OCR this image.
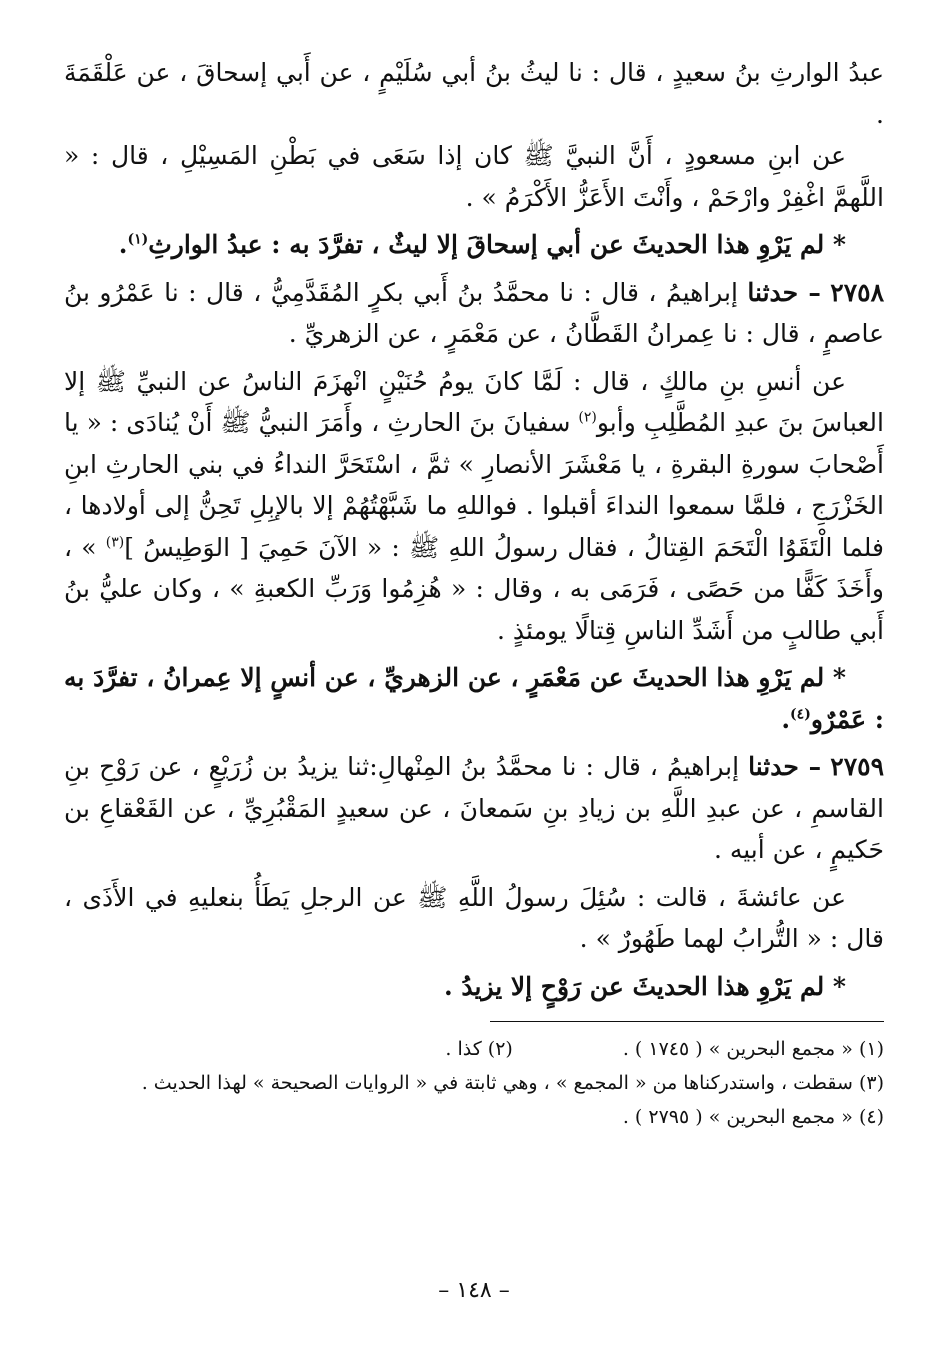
عبدُ الوارثِ بنُ سعيدٍ ، قال : نا ليثُ بنُ أبي سُلَيْمٍ ، عن أَبي إسحاقَ ، عن عَلْقَمَةَ .

عن ابنِ مسعودٍ ، أَنَّ النبيَّ ﷺ كان إذا سَعَى في بَطْنِ المَسِيْلِ ، قال : « اللَّهمَّ اغْفِرْ وارْحَمْ ، وأَنْتَ الأَعَزُّ الأَكْرَمُ » .

* لم يَرْوِ هذا الحديثَ عن أبي إسحاقَ إلا ليثٌ ، تفرَّدَ به : عبدُ الوارثِ$^{(١)}$.

٢٧٥٨ – حدثنا إبراهيمُ ، قال : نا محمَّدُ بنُ أَبي بكرٍ المُقَدَّمِيُّ ، قال : نا عَمْرُو بنُ عاصمٍ ، قال : نا عِمرانُ القَطَّانُ ، عن مَعْمَرٍ ، عن الزهريِّ .

عن أنسِ بنِ مالكٍ ، قال : لَمَّا كانَ يومُ حُنَيْنٍ انْهزَمَ الناسُ عن النبيِّ ﷺ إلا العباسَ بنَ عبدِ المُطَّلِبِ وأبو$^{(٢)}$ سفيانَ بنَ الحارثِ ، وأَمَرَ النبيُّ ﷺ أَنْ يُنادَى : « يا أَصْحابَ سورةِ البقرةِ ، يا مَعْشَرَ الأنصارِ » ثمَّ ، اسْتَحَرَّ النداءُ في بني الحارثِ ابنِ الخَزْرَجِ ، فلمَّا سمعوا النداءَ أقبلوا . فواللهِ ما شَبَّهْتُهُمْ إلا بالإبِلِ تَحِنُّ إلى أولادها ، فلما الْتَقَوُا الْتَحَمَ القِتالُ ، فقال رسولُ اللهِ ﷺ : « الآنَ حَمِيَ [ الوَطِيسُ ]$^{(٣)}$ » ، وأَخَذَ كَفًّا من حَصًى ، فَرَمَى به ، وقال : « هُزِمُوا وَرَبِّ الكعبةِ » ، وكان عليُّ بنُ أَبي طالبٍ من أَشَدِّ الناسِ قِتالًا يومئذٍ .

* لم يَرْوِ هذا الحديثَ عن مَعْمَرٍ ، عن الزهريِّ ، عن أنسٍ إلا عِمرانُ ، تفرَّدَ به : عَمْرٌو$^{(٤)}$.

٢٧٥٩ – حدثنا إبراهيمُ ، قال : نا محمَّدُ بنُ المِنْهالِ:ثنا يزيدُ بن زُرَيْعٍ ، عن رَوْحِ بنِ القاسمِ ، عن عبدِ اللَّهِ بن زيادِ بنِ سَمعانَ ، عن سعيدٍ المَقْبُرِيِّ ، عن القَعْقاعِ بن حَكيمٍ ، عن أبيه .

عن عائشةَ ، قالت : سُئِلَ رسولُ اللَّهِ ﷺ عن الرجلِ يَطَأُ بنعليهِ في الأَذَى ، قال : « التُّرابُ لهما طَهُورٌ » .

* لم يَرْوِ هذا الحديثَ عن رَوْحٍ إلا يزيدُ .

(١) « مجمع البحرين » ( ١٧٤٥ ) .

(٢) كذا .

(٣) سقطت ، واستدركناها من « المجمع » ، وهي ثابتة في « الروايات الصحيحة » لهذا الحديث .

(٤) « مجمع البحرين » ( ٢٧٩٥ ) .

– ١٤٨ –
